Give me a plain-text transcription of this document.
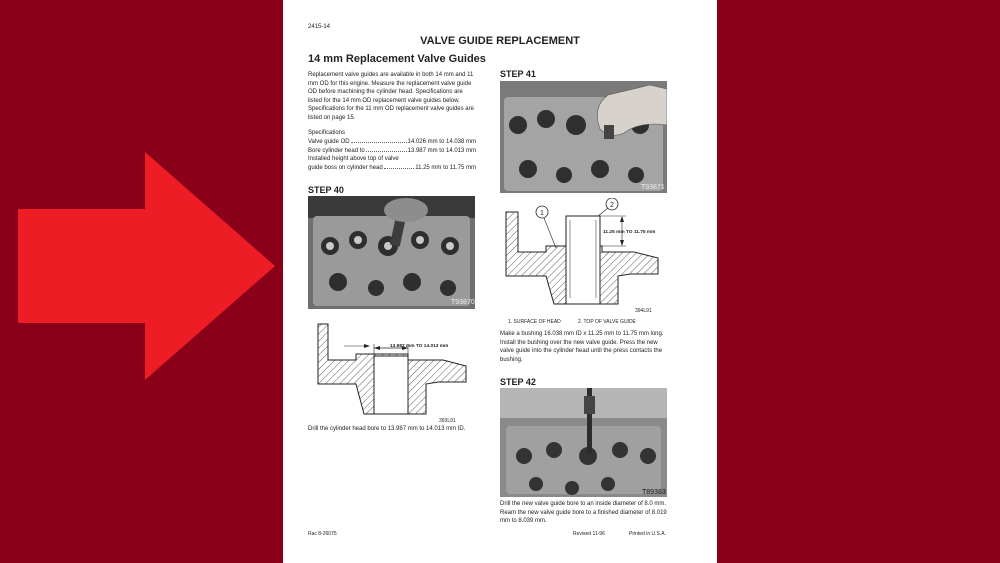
2415-14
VALVE GUIDE REPLACEMENT
14 mm Replacement Valve Guides
Replacement valve guides are available in both 14 mm and 11 mm OD for this engine. Measure the replacement valve guide OD before machining the cylinder head. Specifications are listed for the 14 mm OD replacement valve guides below. Specifications for the 11 mm OD replacement valve guides are listed on page 15.
Specifications
Valve guide OD	14.026 mm to 14.038 mm
Bore cylinder head to	13.987 mm to 14.013 mm
Installed height above top of valve
guide boss on cylinder head	11.25 mm to 11.75 mm
STEP 40
T93870
13.987 mm TO 14.013 mm
393L91
Drill the cylinder head bore to 13.987 mm to 14.013 mm ID.
STEP 41
T93871
11.25 mm TO 11.75 mm
1
2
394L91
1. SURFACE OF HEAD	2. TOP OF VALVE GUIDE
Make a bushing 16.038 mm ID x 11.25 mm to 11.75 mm long. Install the bushing over the new valve guide. Press the new valve guide into the cylinder head until the press contacts the bushing.
STEP 42
T89383
Drill the new valve guide bore to an inside diameter of 8.0 mm. Ream the new valve guide bore to a finished diameter of 8.019 mm to 8.039 mm.
Rac 8-26075	Revised 11-96	Printed in U.S.A.
